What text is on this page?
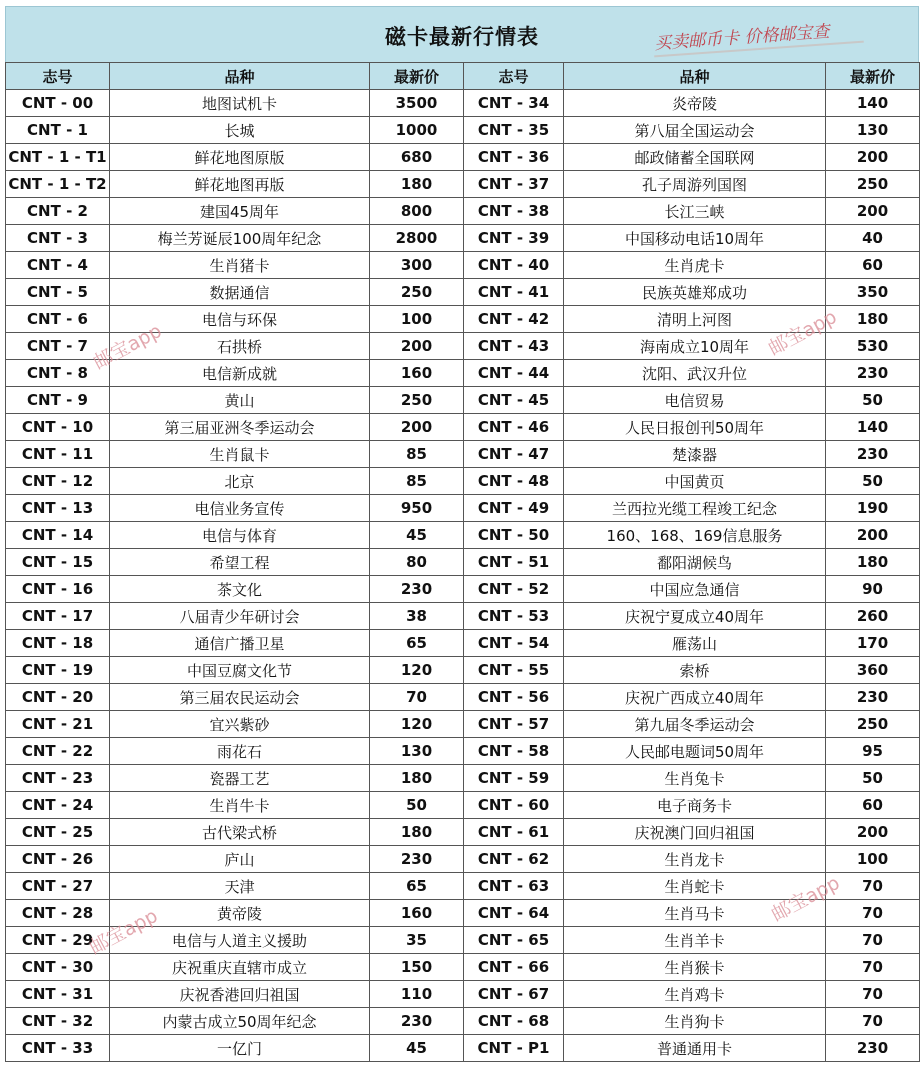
磁卡最新行情表	买卖邮币卡 价格邮宝查
志号	品种	最新价	志号	品种	最新价
CNT - 00	地图试机卡	3500	CNT - 34	炎帝陵	140
CNT - 1	长城	1000	CNT - 35	第八届全国运动会	130
CNT - 1 - T1	鲜花地图原版	680	CNT - 36	邮政储蓄全国联网	200
CNT - 1 - T2	鲜花地图再版	180	CNT - 37	孔子周游列国图	250
CNT - 2	建国45周年	800	CNT - 38	长江三峡	200
CNT - 3	梅兰芳诞辰100周年纪念	2800	CNT - 39	中国移动电话10周年	40
CNT - 4	生肖猪卡	300	CNT - 40	生肖虎卡	60
CNT - 5	数据通信	250	CNT - 41	民族英雄郑成功	350
CNT - 6	电信与环保	100	CNT - 42	清明上河图	180
CNT - 7	石拱桥	200	CNT - 43	海南成立10周年	530
CNT - 8	电信新成就	160	CNT - 44	沈阳、武汉升位	230
CNT - 9	黄山	250	CNT - 45	电信贸易	50
CNT - 10	第三届亚洲冬季运动会	200	CNT - 46	人民日报创刊50周年	140
CNT - 11	生肖鼠卡	85	CNT - 47	楚漆器	230
CNT - 12	北京	85	CNT - 48	中国黄页	50
CNT - 13	电信业务宣传	950	CNT - 49	兰西拉光缆工程竣工纪念	190
CNT - 14	电信与体育	45	CNT - 50	160、168、169信息服务	200
CNT - 15	希望工程	80	CNT - 51	鄱阳湖候鸟	180
CNT - 16	茶文化	230	CNT - 52	中国应急通信	90
CNT - 17	八届青少年研讨会	38	CNT - 53	庆祝宁夏成立40周年	260
CNT - 18	通信广播卫星	65	CNT - 54	雁荡山	170
CNT - 19	中国豆腐文化节	120	CNT - 55	索桥	360
CNT - 20	第三届农民运动会	70	CNT - 56	庆祝广西成立40周年	230
CNT - 21	宜兴紫砂	120	CNT - 57	第九届冬季运动会	250
CNT - 22	雨花石	130	CNT - 58	人民邮电题词50周年	95
CNT - 23	瓷器工艺	180	CNT - 59	生肖兔卡	50
CNT - 24	生肖牛卡	50	CNT - 60	电子商务卡	60
CNT - 25	古代梁式桥	180	CNT - 61	庆祝澳门回归祖国	200
CNT - 26	庐山	230	CNT - 62	生肖龙卡	100
CNT - 27	天津	65	CNT - 63	生肖蛇卡	70
CNT - 28	黄帝陵	160	CNT - 64	生肖马卡	70
CNT - 29	电信与人道主义援助	35	CNT - 65	生肖羊卡	70
CNT - 30	庆祝重庆直辖市成立	150	CNT - 66	生肖猴卡	70
CNT - 31	庆祝香港回归祖国	110	CNT - 67	生肖鸡卡	70
CNT - 32	内蒙古成立50周年纪念	230	CNT - 68	生肖狗卡	70
CNT - 33	一亿门	45	CNT - P1	普通通用卡	230
邮宝app	邮宝app
邮宝app
邮宝app
